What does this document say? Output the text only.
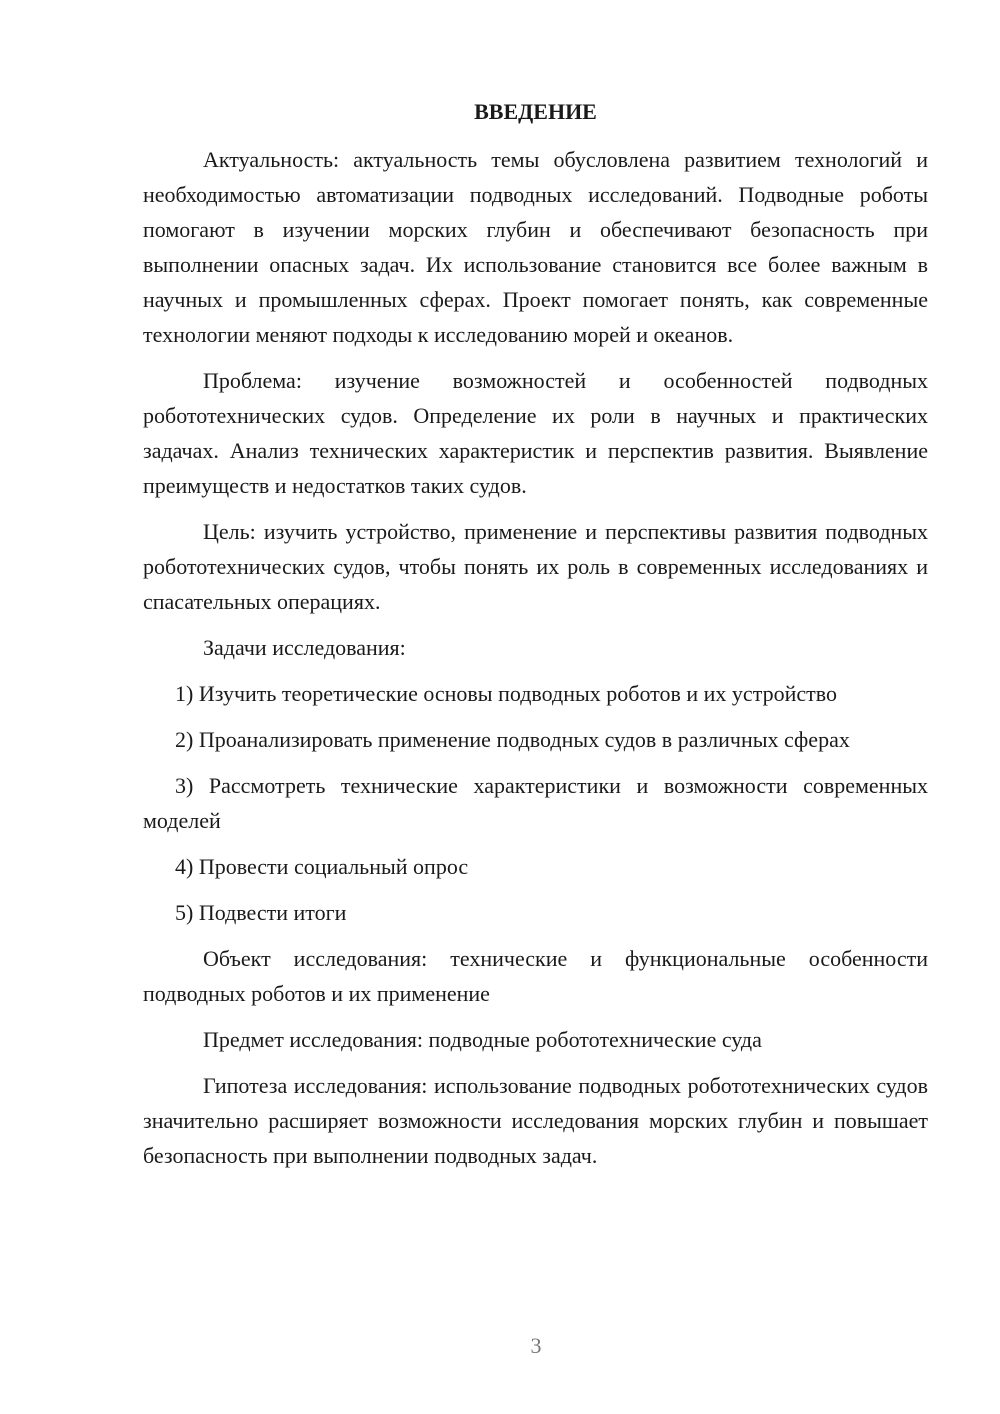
ВВЕДЕНИЕ

Актуальность: актуальность темы обусловлена развитием технологий и необходимостью автоматизации подводных исследований. Подводные роботы помогают в изучении морских глубин и обеспечивают безопасность при выполнении опасных задач. Их использование становится все более важным в научных и промышленных сферах. Проект помогает понять, как современные технологии меняют подходы к исследованию морей и океанов.

Проблема: изучение возможностей и особенностей подводных робототехнических судов. Определение их роли в научных и практических задачах. Анализ технических характеристик и перспектив развития. Выявление преимуществ и недостатков таких судов.

Цель: изучить устройство, применение и перспективы развития подводных робототехнических судов, чтобы понять их роль в современных исследованиях и спасательных операциях.

Задачи исследования:

1) Изучить теоретические основы подводных роботов и их устройство

2) Проанализировать применение подводных судов в различных сферах

3) Рассмотреть технические характеристики и возможности современных моделей

4) Провести социальный опрос

5) Подвести итоги

Объект исследования: технические и функциональные особенности подводных роботов и их применение

Предмет исследования: подводные робототехнические суда

Гипотеза исследования: использование подводных робототехнических судов значительно расширяет возможности исследования морских глубин и повышает безопасность при выполнении подводных задач.

3
